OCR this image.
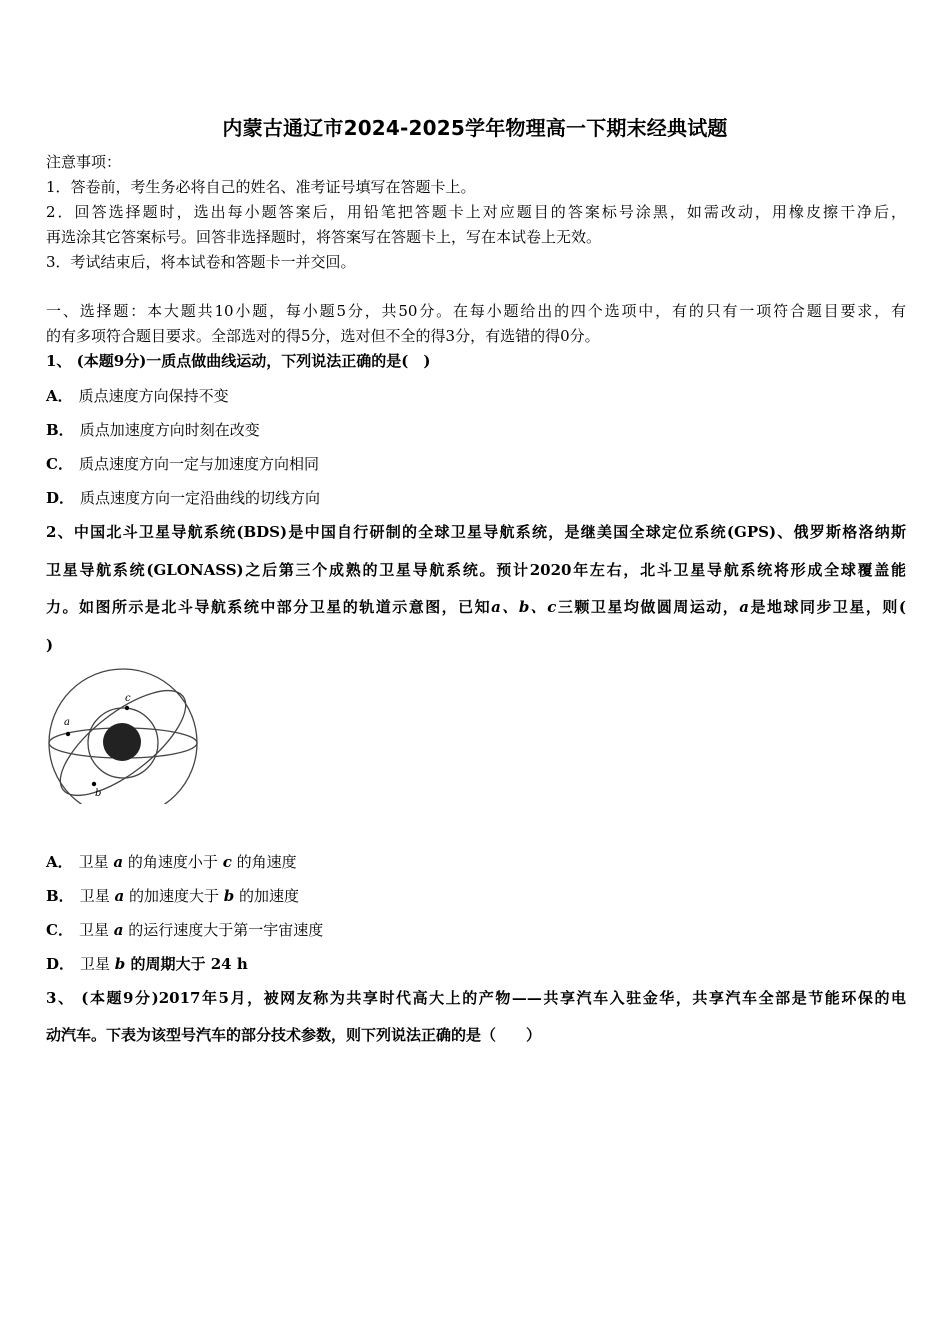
内蒙古通辽市2024-2025学年物理高一下期末经典试题
注意事项：
1．答卷前，考生务必将自己的姓名、准考证号填写在答题卡上。
2．回答选择题时，选出每小题答案后，用铅笔把答题卡上对应题目的答案标号涂黑，如需改动，用橡皮擦干净后，
再选涂其它答案标号。回答非选择题时，将答案写在答题卡上，写在本试卷上无效。
3．考试结束后，将本试卷和答题卡一并交回。
一、选择题：本大题共10小题，每小题5分，共50分。在每小题给出的四个选项中，有的只有一项符合题目要求，有
的有多项符合题目要求。全部选对的得5分，选对但不全的得3分，有选错的得0分。
1、 (本题9分)一质点做曲线运动，下列说法正确的是(　)
A． 质点速度方向保持不变
B． 质点加速度方向时刻在改变
C． 质点速度方向一定与加速度方向相同
D． 质点速度方向一定沿曲线的切线方向
2、中国北斗卫星导航系统(BDS)是中国自行研制的全球卫星导航系统，是继美国全球定位系统(GPS)、俄罗斯格洛纳斯
卫星导航系统(GLONASS)之后第三个成熟的卫星导航系统。预计2020年左右，北斗卫星导航系统将形成全球覆盖能
力。如图所示是北斗导航系统中部分卫星的轨道示意图，已知a、b、c三颗卫星均做圆周运动，a是地球同步卫星，则(
)
a
c
b
A． 卫星 a 的角速度小于 c 的角速度
B． 卫星 a 的加速度大于 b 的加速度
C． 卫星 a 的运行速度大于第一宇宙速度
D． 卫星 b 的周期大于 24 h
3、 (本题9分)2017年5月，被网友称为共享时代高大上的产物——共享汽车入驻金华，共享汽车全部是节能环保的电
动汽车。下表为该型号汽车的部分技术参数，则下列说法正确的是（　　）
